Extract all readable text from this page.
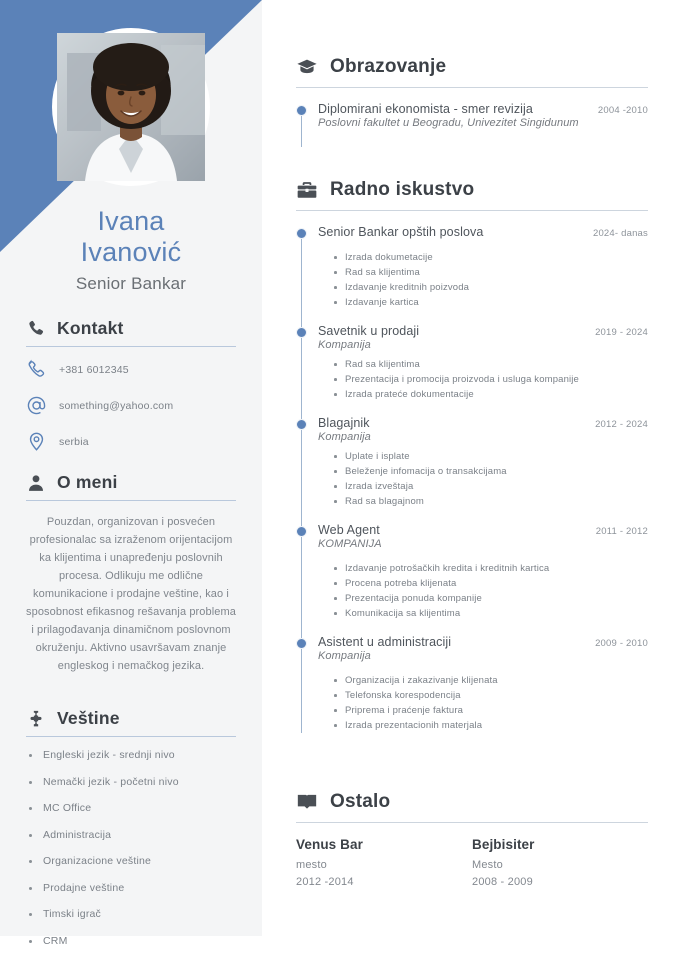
Ivana
Ivanović
Senior Bankar
Kontakt
+381 6012345
something@yahoo.com
serbia
O meni
Pouzdan, organizovan i posvećen profesionalac sa izraženom orijentacijom ka klijentima i unapređenju poslovnih procesa. Odlikuju me odlične komunikacione i prodajne veštine, kao i sposobnost efikasnog rešavanja problema i prilagođavanja dinamičnom poslovnom okruženju. Aktivno usavršavam znanje engleskog i nemačkog jezika.
Veštine
Engleski jezik - srednji nivo
Nemački jezik - početni nivo
MC Office
Administracija
Organizacione veštine
Prodajne veštine
Timski igrač
CRM
Obrazovanje
Diplomirani ekonomista - smer revizija	2004 -2010
Poslovni fakultet u Beogradu, Univezitet Singidunum
Radno iskustvo
Senior Bankar opštih poslova	2024- danas
Izrada dokumetacije
Rad sa klijentima
Izdavanje kreditnih poizvoda
Izdavanje kartica
Savetnik u prodaji	2019 - 2024
Kompanija
Rad sa klijentima
Prezentacija i promocija proizvoda i usluga kompanije
Izrada prateće dokumentacije
Blagajnik	2012 - 2024
Kompanija
Uplate i isplate
Beleženje infomacija o transakcijama
Izrada izveštaja
Rad sa blagajnom
Web Agent	2011 - 2012
KOMPANIJA
Izdavanje potrošačkih kredita i kreditnih kartica
Procena potreba klijenata
Prezentacija ponuda kompanije
Komunikacija sa klijentima
Asistent u administraciji	2009 - 2010
Kompanija
Organizacija i zakazivanje klijenata
Telefonska korespodencija
Priprema i praćenje faktura
Izrada prezentacionih materjala
Ostalo
Venus Bar
mesto
2012 -2014
Bejbisiter
Mesto
2008 - 2009
